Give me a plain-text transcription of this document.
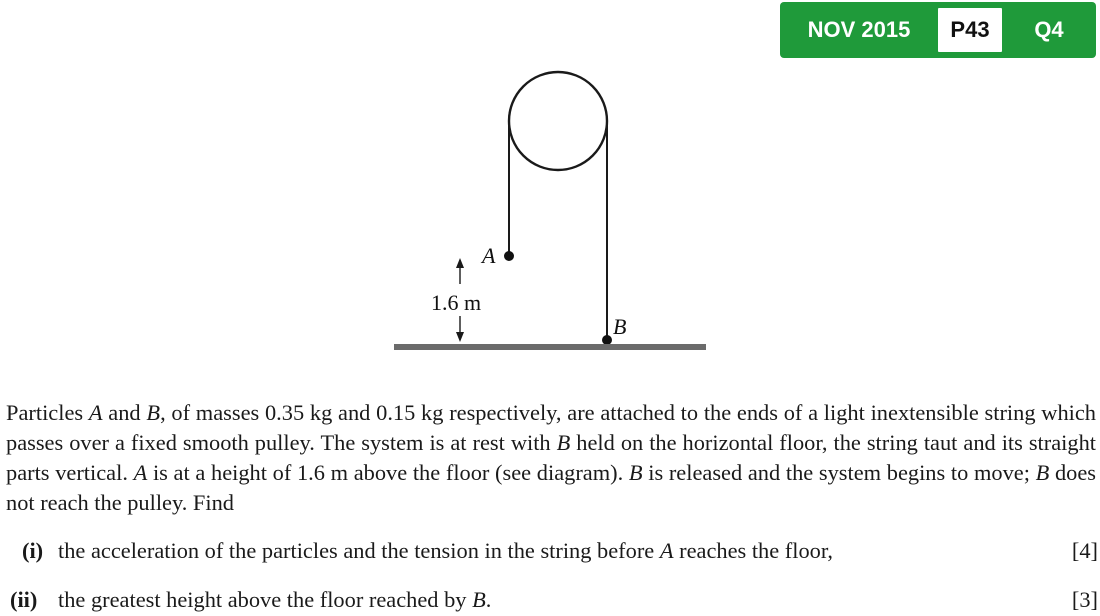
NOV 2015	P43	Q4
A
B
1.6 m
Particles A and B, of masses 0.35 kg and 0.15 kg respectively, are attached to the ends of a light inextensible string which passes over a fixed smooth pulley. The system is at rest with B held on the horizontal floor, the string taut and its straight parts vertical. A is at a height of 1.6 m above the floor (see diagram). B is released and the system begins to move; B does not reach the pulley. Find
(i) the acceleration of the particles and the tension in the string before A reaches the floor,	[4]
(ii) the greatest height above the floor reached by B.	[3]
